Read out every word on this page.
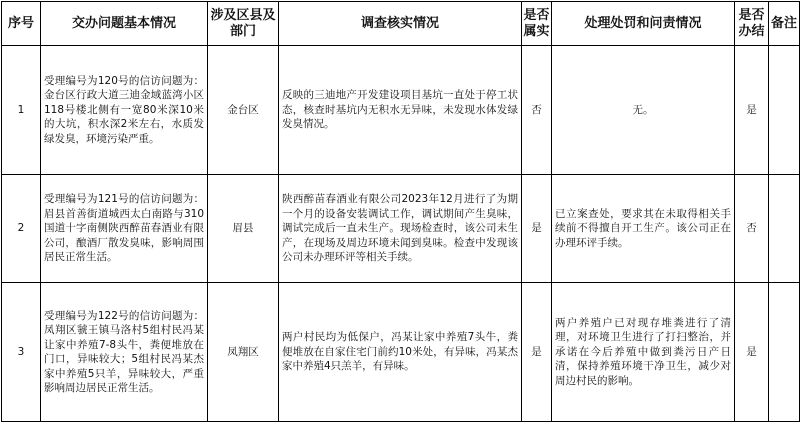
序号	交办问题基本情况	涉及区县及部门	调查核实情况	是否属实	处理处罚和问责情况	是否办结	备注
1	受理编号为120号的信访问题为：金台区行政大道三迪金域蓝湾小区118号楼北侧有一宽80米深10米的大坑，积水深2米左右，水质发绿发臭，环境污染严重。	金台区	反映的三迪地产开发建设项目基坑一直处于停工状态，核查时基坑内无积水无异味，未发现水体发绿发臭情况。	否	无。	是	
2	受理编号为121号的信访问题为：眉县首善街道城西太白南路与310国道十字南侧陕西醉苗春酒业有限公司，酿酒厂散发臭味，影响周围居民正常生活。	眉县	陕西醉苗春酒业有限公司2023年12月进行了为期一个月的设备安装调试工作，调试期间产生臭味，调试完成后一直未生产。现场检查时，该公司未生产，在现场及周边环境未闻到臭味。检查中发现该公司未办理环评等相关手续。	是	已立案查处，要求其在未取得相关手续前不得擅自开工生产。该公司正在办理环评手续。	否	
3	受理编号为122号的信访问题为：凤翔区虢王镇马洛村5组村民冯某让家中养殖7-8头牛，粪便堆放在门口，异味较大；5组村民冯某杰家中养殖5只羊，异味较大，严重影响周边居民正常生活。	凤翔区	两户村民均为低保户，冯某让家中养殖7头牛，粪便堆放在自家住宅门前约10米处，有异味，冯某杰家中养殖4只羔羊，有异味。	是	两户养殖户已对现存堆粪进行了清理，对环境卫生进行了打扫整治，并承诺在今后养殖中做到粪污日产日清，保持养殖环境干净卫生，减少对周边村民的影响。	是	
